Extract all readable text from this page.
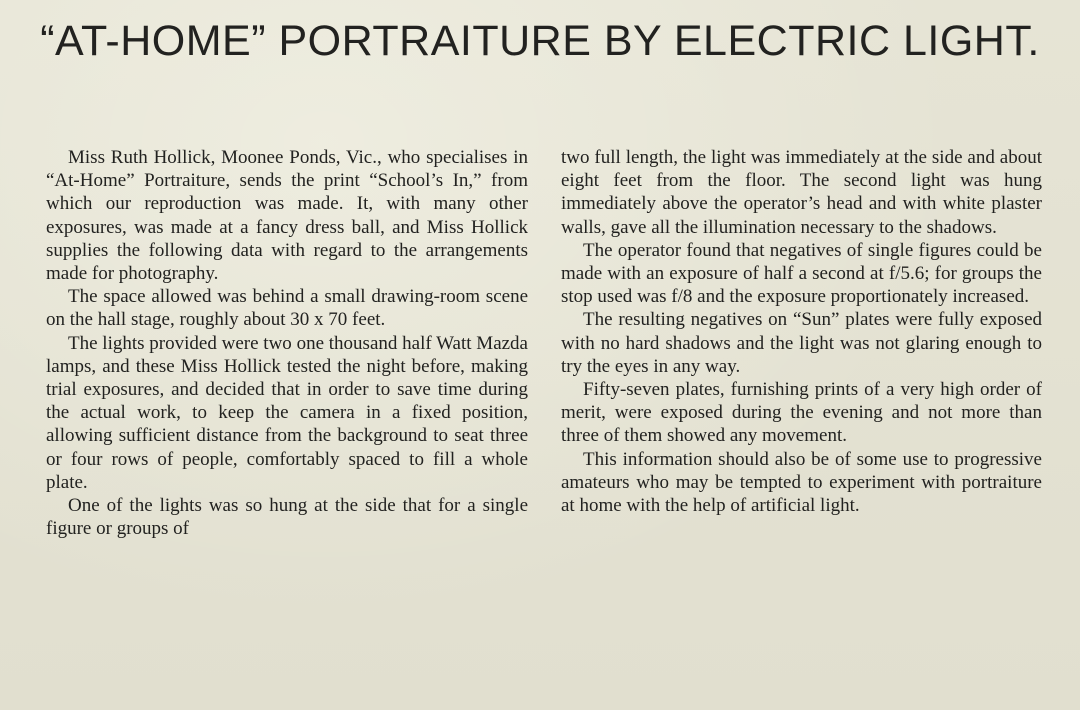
“AT-HOME” PORTRAITURE BY ELECTRIC LIGHT.

Miss Ruth Hollick, Moonee Ponds, Vic., who specialises in “At-Home” Portraiture, sends the print “School’s In,” from which our reproduction was made. It, with many other exposures, was made at a fancy dress ball, and Miss Hollick supplies the following data with regard to the arrangements made for photography.

The space allowed was behind a small drawing-room scene on the hall stage, roughly about 30 x 70 feet.

The lights provided were two one thousand half Watt Mazda lamps, and these Miss Hollick tested the night before, making trial exposures, and decided that in order to save time during the actual work, to keep the camera in a fixed position, allowing sufficient distance from the background to seat three or four rows of people, comfortably spaced to fill a whole plate.

One of the lights was so hung at the side that for a single figure or groups of

two full length, the light was immediately at the side and about eight feet from the floor. The second light was hung immediately above the operator’s head and with white plaster walls, gave all the illumination necessary to the shadows.

The operator found that negatives of single figures could be made with an exposure of half a second at f/5.6; for groups the stop used was f/8 and the exposure proportionately increased.

The resulting negatives on “Sun” plates were fully exposed with no hard shadows and the light was not glaring enough to try the eyes in any way.

Fifty-seven plates, furnishing prints of a very high order of merit, were exposed during the evening and not more than three of them showed any movement.

This information should also be of some use to progressive amateurs who may be tempted to experiment with portraiture at home with the help of artificial light.
